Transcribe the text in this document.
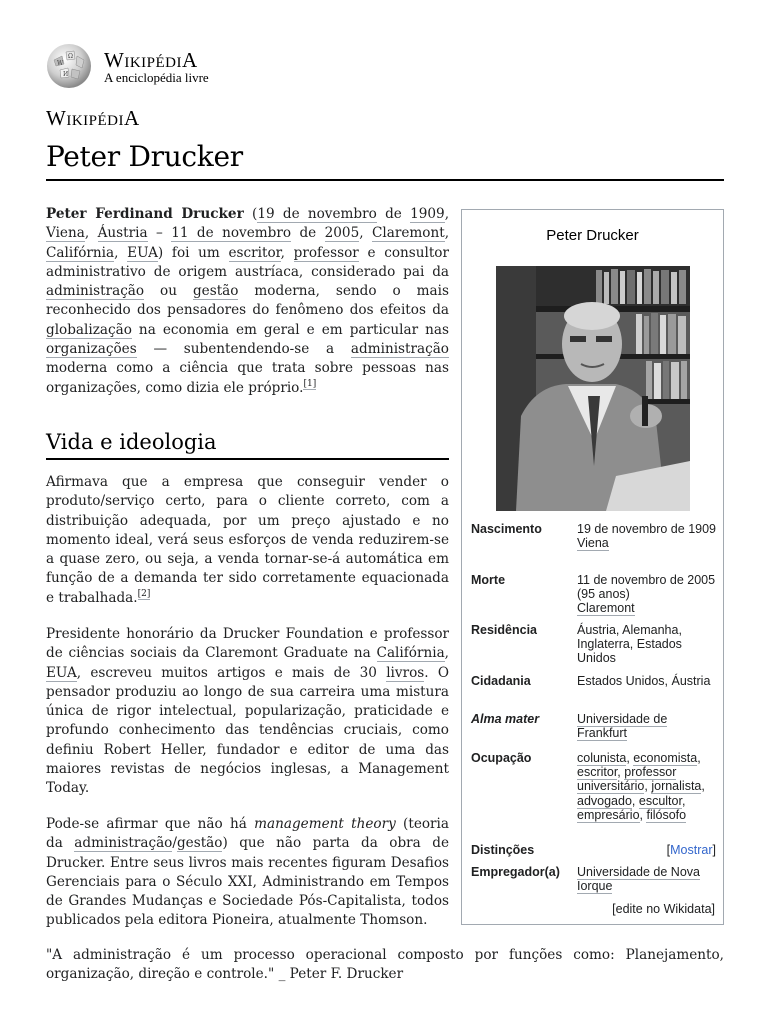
W
Ω
И
WIKIPÉDIA
A enciclopédia livre
WIKIPÉDIA
Peter Drucker

Peter Ferdinand Drucker (19 de novembro de 1909, Viena, Áustria – 11 de novembro de 2005, Claremont, Califórnia, EUA) foi um escritor, professor e consultor administrativo de origem austríaca, considerado pai da administração ou gestão moderna, sendo o mais reconhecido dos pensadores do fenômeno dos efeitos da globalização na economia em geral e em particular nas organizações — subentendendo-se a administração moderna como a ciência que trata sobre pessoas nas organizações, como dizia ele próprio.[1]

Vida e ideologia

Afirmava que a empresa que conseguir vender o produto/serviço certo, para o cliente correto, com a distribuição adequada, por um preço ajustado e no momento ideal, verá seus esforços de venda reduzirem-se a quase zero, ou seja, a venda tornar-se-á automática em função de a demanda ter sido corretamente equacionada e trabalhada.[2]

Presidente honorário da Drucker Foundation e professor de ciências sociais da Claremont Graduate na Califórnia, EUA, escreveu muitos artigos e mais de 30 livros. O pensador produziu ao longo de sua carreira uma mistura única de rigor intelectual, popularização, praticidade e profundo conhecimento das tendências cruciais, como definiu Robert Heller, fundador e editor de uma das maiores revistas de negócios inglesas, a Management Today.

Pode-se afirmar que não há management theory (teoria da administração/gestão) que não parta da obra de Drucker. Entre seus livros mais recentes figuram Desafios Gerenciais para o Século XXI, Administrando em Tempos de Grandes Mudanças e Sociedade Pós-Capitalista, todos publicados pela editora Pioneira, atualmente Thomson.

"A administração é um processo operacional composto por funções como: Planejamento, organização, direção e controle." _ Peter F. Drucker

Peter Drucker
Nascimento	19 de novembro de 1909
Viena
Morte	11 de novembro de 2005 (95 anos)
Claremont
Residência	Áustria, Alemanha, Inglaterra, Estados Unidos
Cidadania	Estados Unidos, Áustria
Alma mater	Universidade de Frankfurt
Ocupação	colunista, economista, escritor, professor universitário, jornalista, advogado, escultor, empresário, filósofo
Distinções	[Mostrar]
Empregador(a)	Universidade de Nova Iorque
[edite no Wikidata]
